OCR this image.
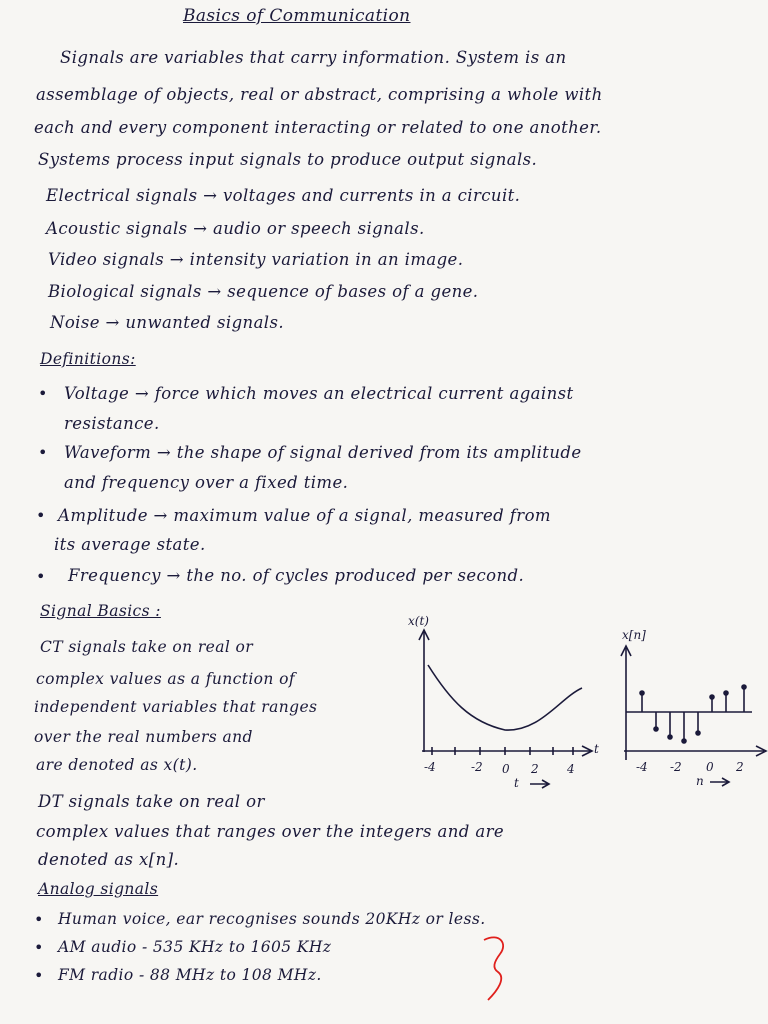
Basics of Communication
Signals are variables that carry information. System is an
assemblage of objects, real or abstract, comprising a whole with
each and every component interacting or related to one another.
Systems process input signals to produce output signals.
Electrical signals → voltages and currents in a circuit.
Acoustic signals → audio or speech signals.
Video signals → intensity variation in an image.
Biological signals → sequence of bases of a gene.
Noise → unwanted signals.
Definitions:
• Voltage → force which moves an electrical current against
resistance.
• Waveform → the shape of signal derived from its amplitude
and frequency over a fixed time.
• Amplitude → maximum value of a signal, measured from
its average state.
• Frequency → the no. of cycles produced per second.
Signal Basics :
CT signals take on real or
complex values as a function of
independent variables that ranges
over the real numbers and
are denoted as x(t).
DT signals take on real or
complex values that ranges over the integers and are
denoted as x[n].
x(t)
-4	-2 0 2 4
t
t
x[n]
-4 -2 0 2
n
Analog signals
• Human voice, ear recognises sounds 20KHz or less.
• AM audio - 535 KHz to 1605 KHz
• FM radio - 88 MHz to 108 MHz.
